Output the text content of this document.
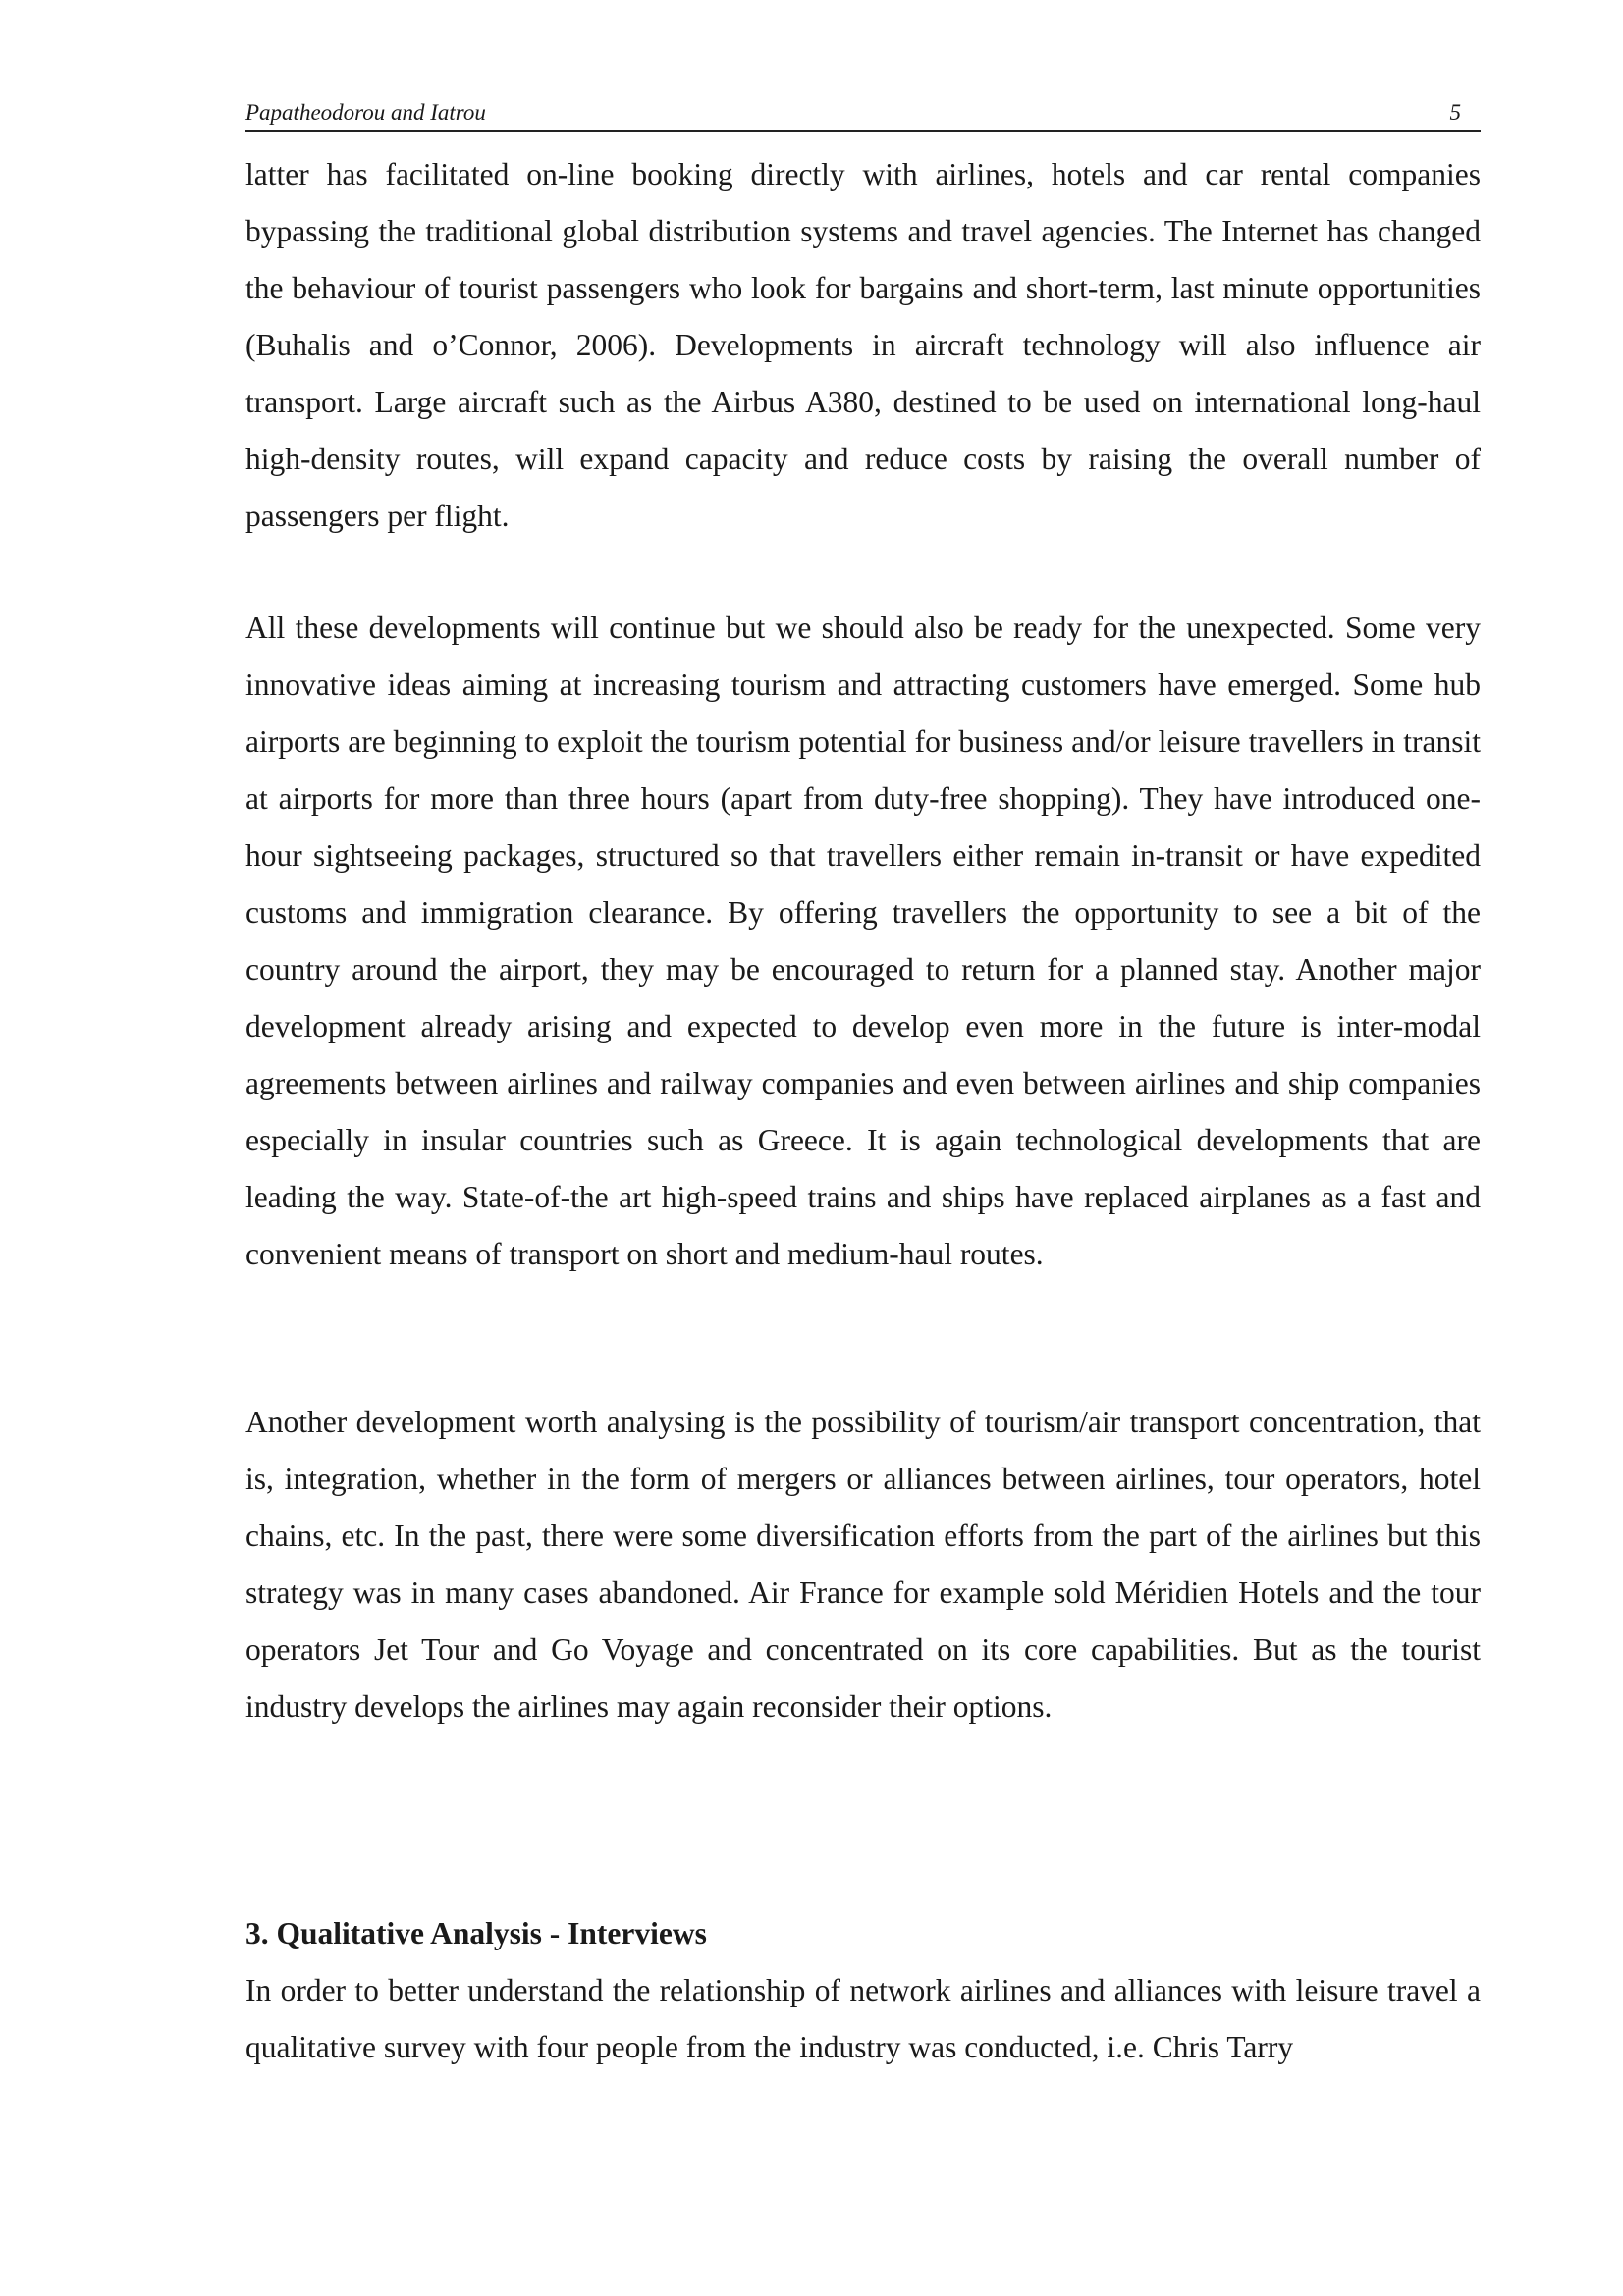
Papatheodorou and Iatrou	5

latter has facilitated on-line booking directly with airlines, hotels and car rental companies bypassing the traditional global distribution systems and travel agencies. The Internet has changed the behaviour of tourist passengers who look for bargains and short-term, last minute opportunities (Buhalis and o’Connor, 2006). Developments in aircraft technology will also influence air transport. Large aircraft such as the Airbus A380, destined to be used on international long-haul high-density routes, will expand capacity and reduce costs by raising the overall number of passengers per flight.

All these developments will continue but we should also be ready for the unexpected. Some very innovative ideas aiming at increasing tourism and attracting customers have emerged. Some hub airports are beginning to exploit the tourism potential for business and/or leisure travellers in transit at airports for more than three hours (apart from duty-free shopping). They have introduced one-hour sightseeing packages, structured so that travellers either remain in-transit or have expedited customs and immigration clearance. By offering travellers the opportunity to see a bit of the country around the airport, they may be encouraged to return for a planned stay. Another major development already arising and expected to develop even more in the future is inter-modal agreements between airlines and railway companies and even between airlines and ship companies especially in insular countries such as Greece. It is again technological developments that are leading the way. State-of-the art high-speed trains and ships have replaced airplanes as a fast and convenient means of transport on short and medium-haul routes.

Another development worth analysing is the possibility of tourism/air transport concentration, that is, integration, whether in the form of mergers or alliances between airlines, tour operators, hotel chains, etc. In the past, there were some diversification efforts from the part of the airlines but this strategy was in many cases abandoned. Air France for example sold Méridien Hotels and the tour operators Jet Tour and Go Voyage and concentrated on its core capabilities. But as the tourist industry develops the airlines may again reconsider their options.

3. Qualitative Analysis - Interviews

In order to better understand the relationship of network airlines and alliances with leisure travel a qualitative survey with four people from the industry was conducted, i.e. Chris Tarry
